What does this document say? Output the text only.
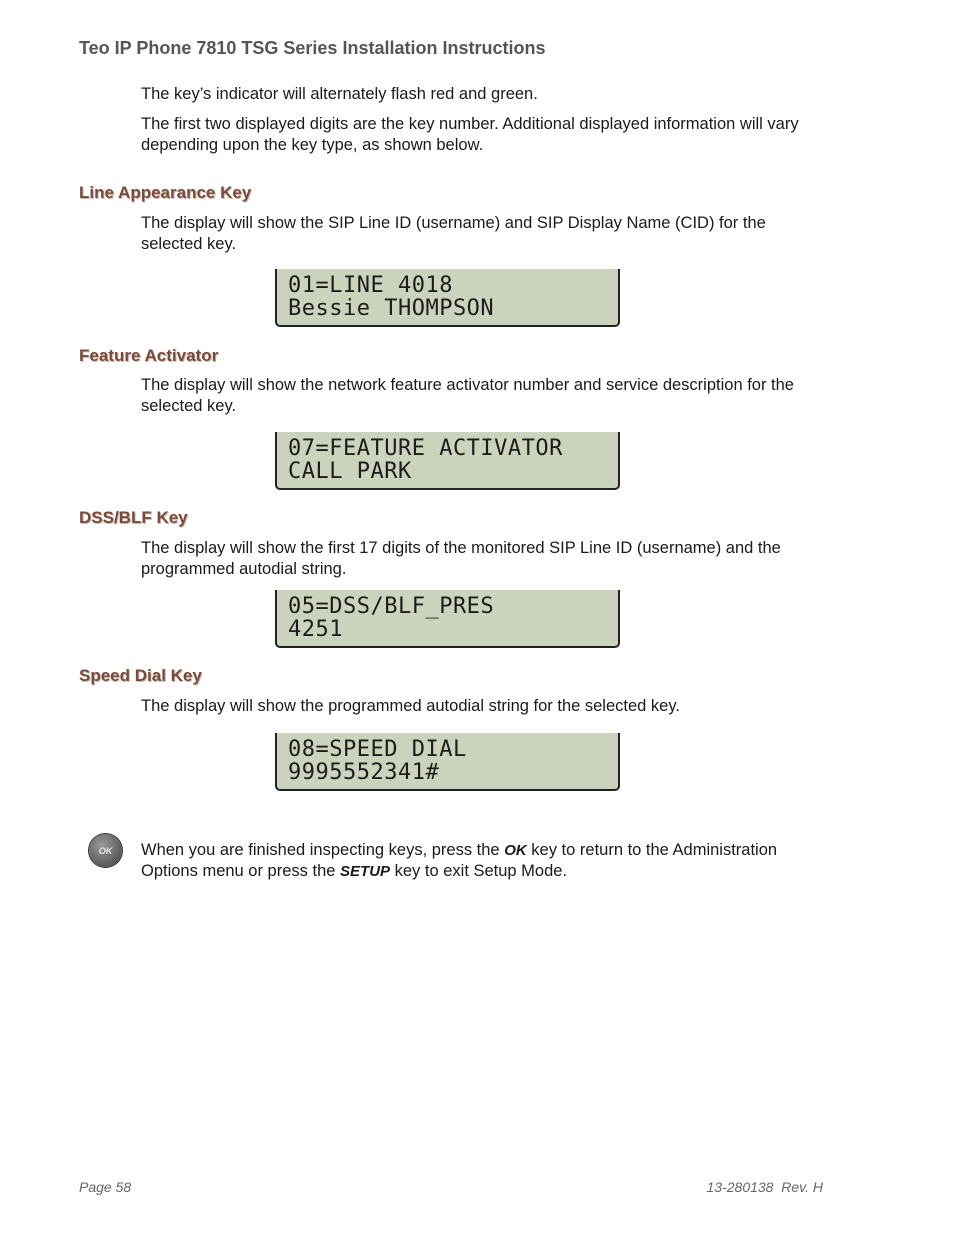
Teo IP Phone 7810 TSG Series Installation Instructions
The key’s indicator will alternately flash red and green.
The first two displayed digits are the key number. Additional displayed information will vary depending upon the key type, as shown below.
Line Appearance Key
The display will show the SIP Line ID (username) and SIP Display Name (CID) for the selected key.
01=LINE 4018
Bessie THOMPSON
Feature Activator
The display will show the network feature activator number and service description for the selected key.
07=FEATURE ACTIVATOR
CALL PARK
DSS/BLF Key
The display will show the first 17 digits of the monitored SIP Line ID (username) and the programmed autodial string.
05=DSS/BLF_PRES
4251
Speed Dial Key
The display will show the programmed autodial string for the selected key.
08=SPEED DIAL
9995552341#
OK When you are finished inspecting keys, press the OK key to return to the Administration Options menu or press the SETUP key to exit Setup Mode.
Page 58	13-280138  Rev. H
